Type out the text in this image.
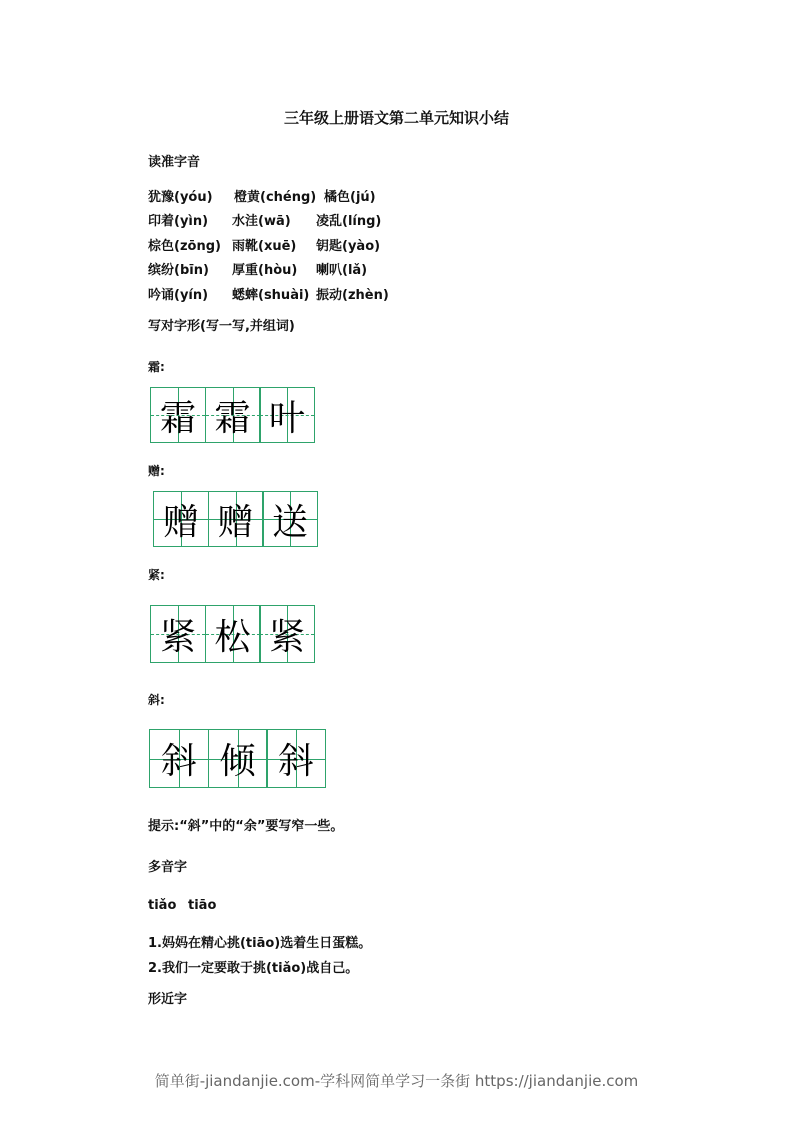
三年级上册语文第二单元知识小结
读准字音
犹豫(yóu) 橙黄(chéng) 橘色(jú)
印着(yìn) 水洼(wā) 凌乱(líng)
棕色(zōng) 雨靴(xuē) 钥匙(yào)
缤纷(bīn) 厚重(hòu) 喇叭(lǎ)
吟诵(yín) 蟋蟀(shuài) 振动(zhèn)
写对字形(写一写,并组词)
霜:
霜 霜 叶
赠:
赠 赠 送
紧:
紧 松 紧
斜:
斜 倾 斜
提示:“斜”中的“余”要写窄一些。
多音字
tiǎo tiāo
1.妈妈在精心挑(tiāo)选着生日蛋糕。
2.我们一定要敢于挑(tiǎo)战自己。
形近字
简单街-jiandanjie.com-学科网简单学习一条街 https://jiandanjie.com
